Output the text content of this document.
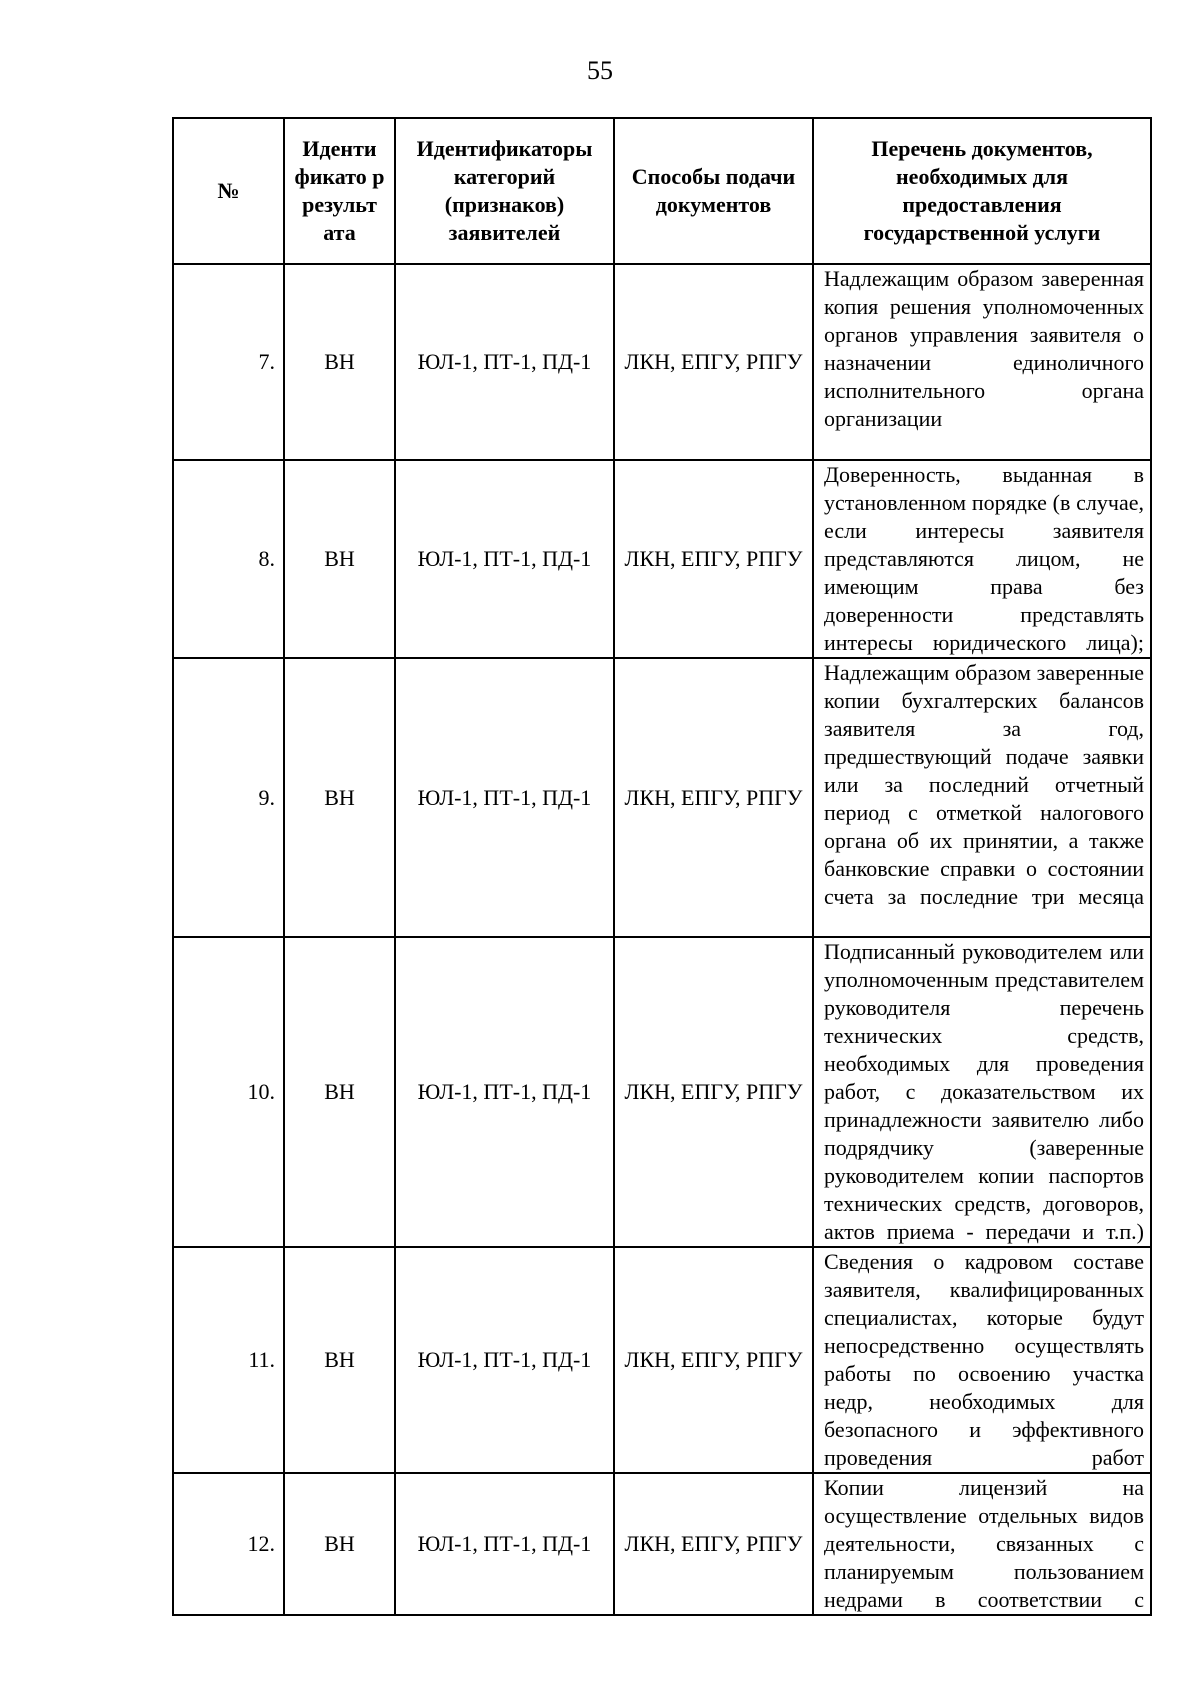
55
№	Иденти фикато р результ ата	Идентификаторы категорий (признаков) заявителей	Способы подачи документов	Перечень документов, необходимых для предоставления государственной услуги
7.	ВН	ЮЛ-1, ПТ-1, ПД-1	ЛКН, ЕПГУ, РПГУ	Надлежащим образом заверенная копия решения уполномоченных органов управления заявителя о назначении единоличного исполнительного органа организации
8.	ВН	ЮЛ-1, ПТ-1, ПД-1	ЛКН, ЕПГУ, РПГУ	Доверенность, выданная в установленном порядке (в случае, если интересы заявителя представляются лицом, не имеющим права без доверенности представлять интересы юридического лица);
9.	ВН	ЮЛ-1, ПТ-1, ПД-1	ЛКН, ЕПГУ, РПГУ	Надлежащим образом заверенные копии бухгалтерских балансов заявителя за год, предшествующий подаче заявки или за последний отчетный период с отметкой налогового органа об их принятии, а также банковские справки о состоянии счета за последние три месяца
10.	ВН	ЮЛ-1, ПТ-1, ПД-1	ЛКН, ЕПГУ, РПГУ	Подписанный руководителем или уполномоченным представителем руководителя перечень технических средств, необходимых для проведения работ, с доказательством их принадлежности заявителю либо подрядчику (заверенные руководителем копии паспортов технических средств, договоров, актов приема - передачи и т.п.)
11.	ВН	ЮЛ-1, ПТ-1, ПД-1	ЛКН, ЕПГУ, РПГУ	Сведения о кадровом составе заявителя, квалифицированных специалистах, которые будут непосредственно осуществлять работы по освоению участка недр, необходимых для безопасного и эффективного проведения работ
12.	ВН	ЮЛ-1, ПТ-1, ПД-1	ЛКН, ЕПГУ, РПГУ	Копии лицензий на осуществление отдельных видов деятельности, связанных с планируемым пользованием недрами в соответствии с
